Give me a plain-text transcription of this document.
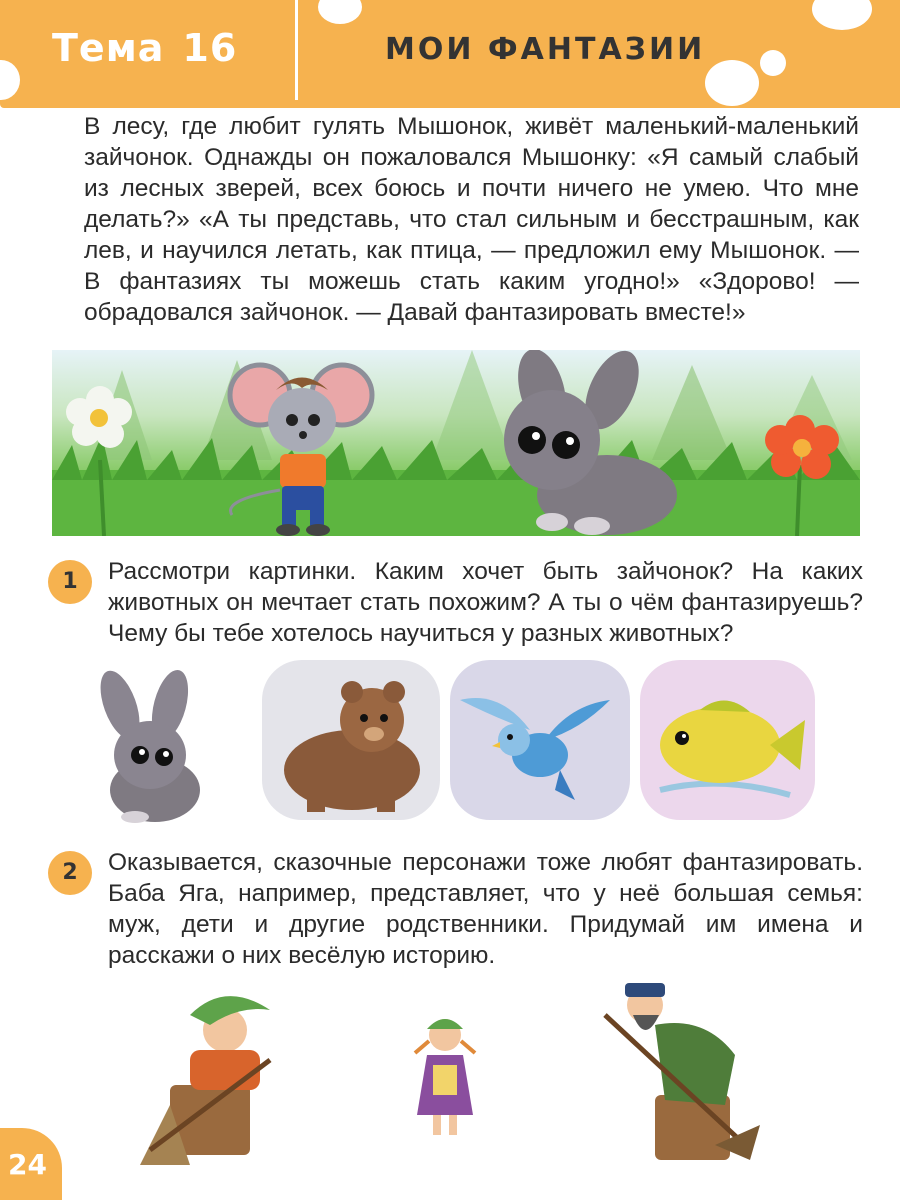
Тема 16	МОИ ФАНТАЗИИ
В лесу, где любит гулять Мышонок, живёт маленький-маленький зайчонок. Однажды он пожаловался Мышонку: «Я самый слабый из лесных зверей, всех боюсь и почти ничего не умею. Что мне делать?» «А ты представь, что стал сильным и бесстрашным, как лев, и научился летать, как птица, — предложил ему Мышонок. — В фантазиях ты можешь стать каким угодно!» «Здорово! — обрадовался зайчонок. — Давай фантазировать вместе!»
1	Рассмотри картинки. Каким хочет быть зайчонок? На каких животных он мечтает стать похожим? А ты о чём фантазируешь? Чему бы тебе хотелось научиться у разных животных?
2	Оказывается, сказочные персонажи тоже любят фантазировать. Баба Яга, например, представляет, что у неё большая семья: муж, дети и другие родственники. Придумай им имена и расскажи о них весёлую историю.
24
